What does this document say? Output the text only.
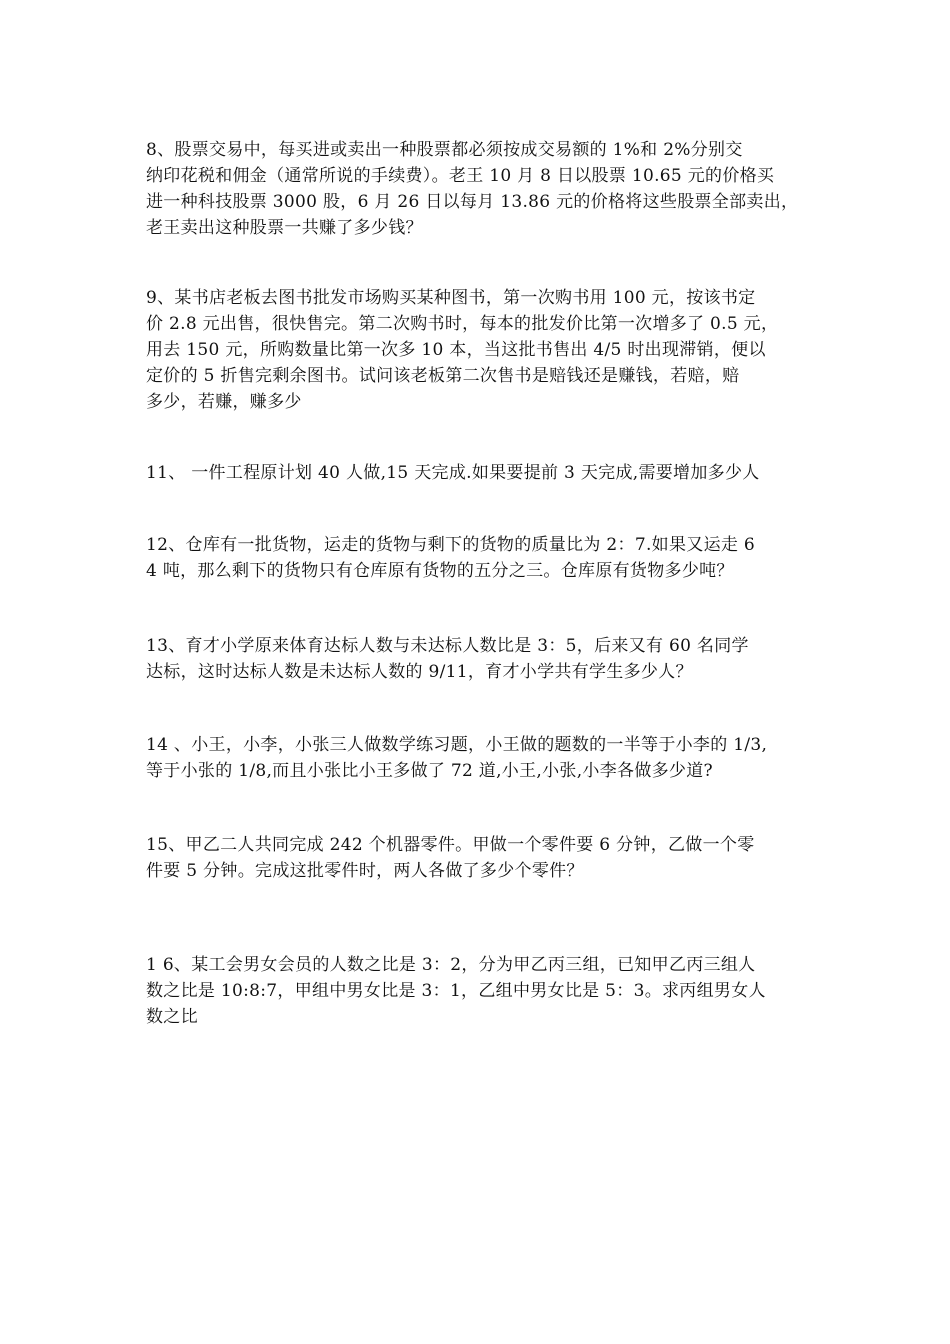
8、股票交易中，每买进或卖出一种股票都必须按成交易额的 1%和 2%分别交
纳印花税和佣金（通常所说的手续费）。老王 10 月 8 日以股票 10.65 元的价格买
进一种科技股票 3000 股，6 月 26 日以每月 13.86 元的价格将这些股票全部卖出，
老王卖出这种股票一共赚了多少钱？
9、某书店老板去图书批发市场购买某种图书，第一次购书用 100 元，按该书定
价 2.8 元出售，很快售完。第二次购书时，每本的批发价比第一次增多了 0.5 元，
用去 150 元，所购数量比第一次多 10 本，当这批书售出 4/5 时出现滞销，便以
定价的 5 折售完剩余图书。试问该老板第二次售书是赔钱还是赚钱，若赔，赔
多少，若赚，赚多少
11、 一件工程原计划 40 人做,15 天完成.如果要提前 3 天完成,需要增加多少人
12、仓库有一批货物，运走的货物与剩下的货物的质量比为 2：7.如果又运走 6
4 吨，那么剩下的货物只有仓库原有货物的五分之三。仓库原有货物多少吨？
13、育才小学原来体育达标人数与未达标人数比是 3：5，后来又有 60 名同学
达标，这时达标人数是未达标人数的 9/11，育才小学共有学生多少人？
14 、小王，小李，小张三人做数学练习题，小王做的题数的一半等于小李的 1/3,
等于小张的 1/8,而且小张比小王多做了 72 道,小王,小张,小李各做多少道?
15、甲乙二人共同完成 242 个机器零件。甲做一个零件要 6 分钟，乙做一个零
件要 5 分钟。完成这批零件时，两人各做了多少个零件？
1 6、某工会男女会员的人数之比是 3：2，分为甲乙丙三组，已知甲乙丙三组人
数之比是 10:8:7，甲组中男女比是 3：1，乙组中男女比是 5：3。求丙组男女人
数之比
